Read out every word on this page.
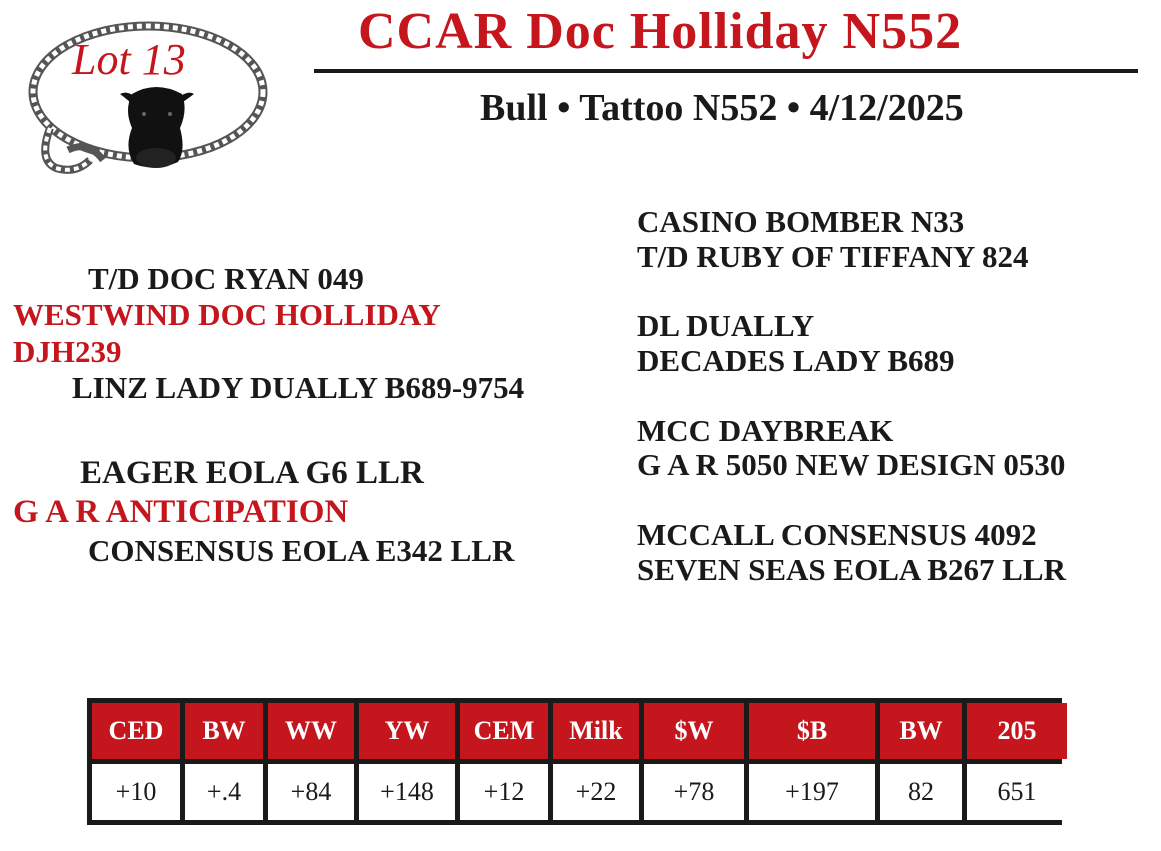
Lot 13	CCAR Doc Holliday N552
Bull • Tattoo N552 • 4/12/2025
CASINO BOMBER N33
T/D RUBY OF TIFFANY 824
DL DUALLY
DECADES LADY B689
MCC DAYBREAK
G A R 5050 NEW DESIGN 0530
MCCALL CONSENSUS 4092
SEVEN SEAS EOLA B267 LLR
T/D DOC RYAN 049
WESTWIND DOC HOLLIDAY
DJH239
LINZ LADY DUALLY B689-9754
EAGER EOLA G6 LLR
G A R ANTICIPATION
CONSENSUS EOLA E342 LLR
CED	BW	WW	YW	CEM	Milk	$W	$B	BW	205
+10	+.4	+84	+148	+12	+22	+78	+197	82	651
